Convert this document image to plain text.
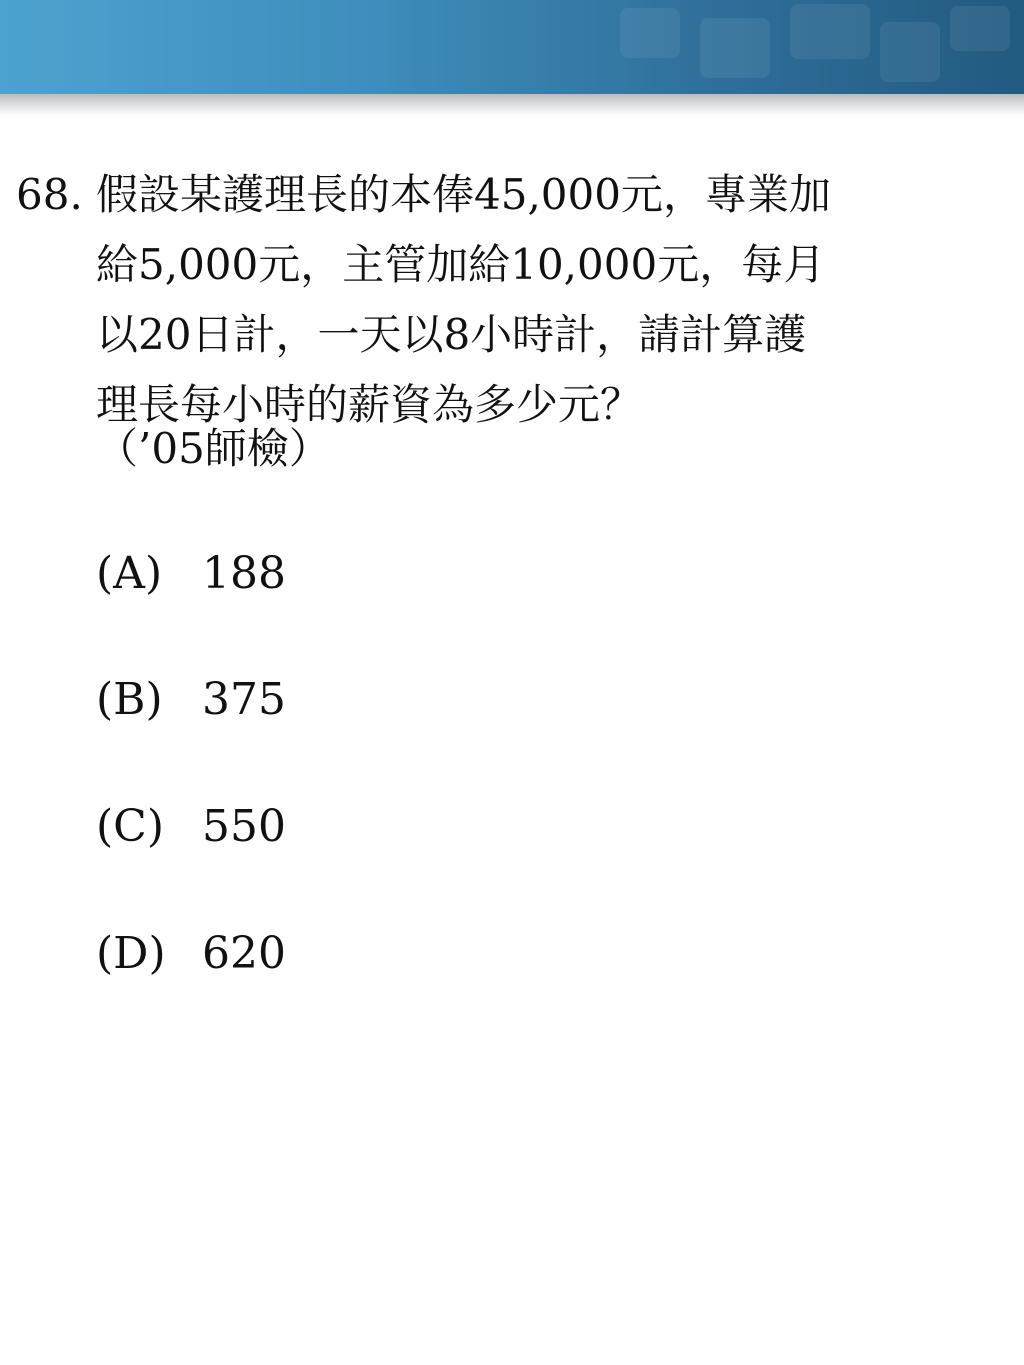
68. 假設某護理長的本俸45,000元，專業加
給5,000元，主管加給10,000元，每月
以20日計，一天以8小時計，請計算護
理長每小時的薪資為多少元？
（’05師檢）
(A) 188
(B) 375
(C) 550
(D) 620
